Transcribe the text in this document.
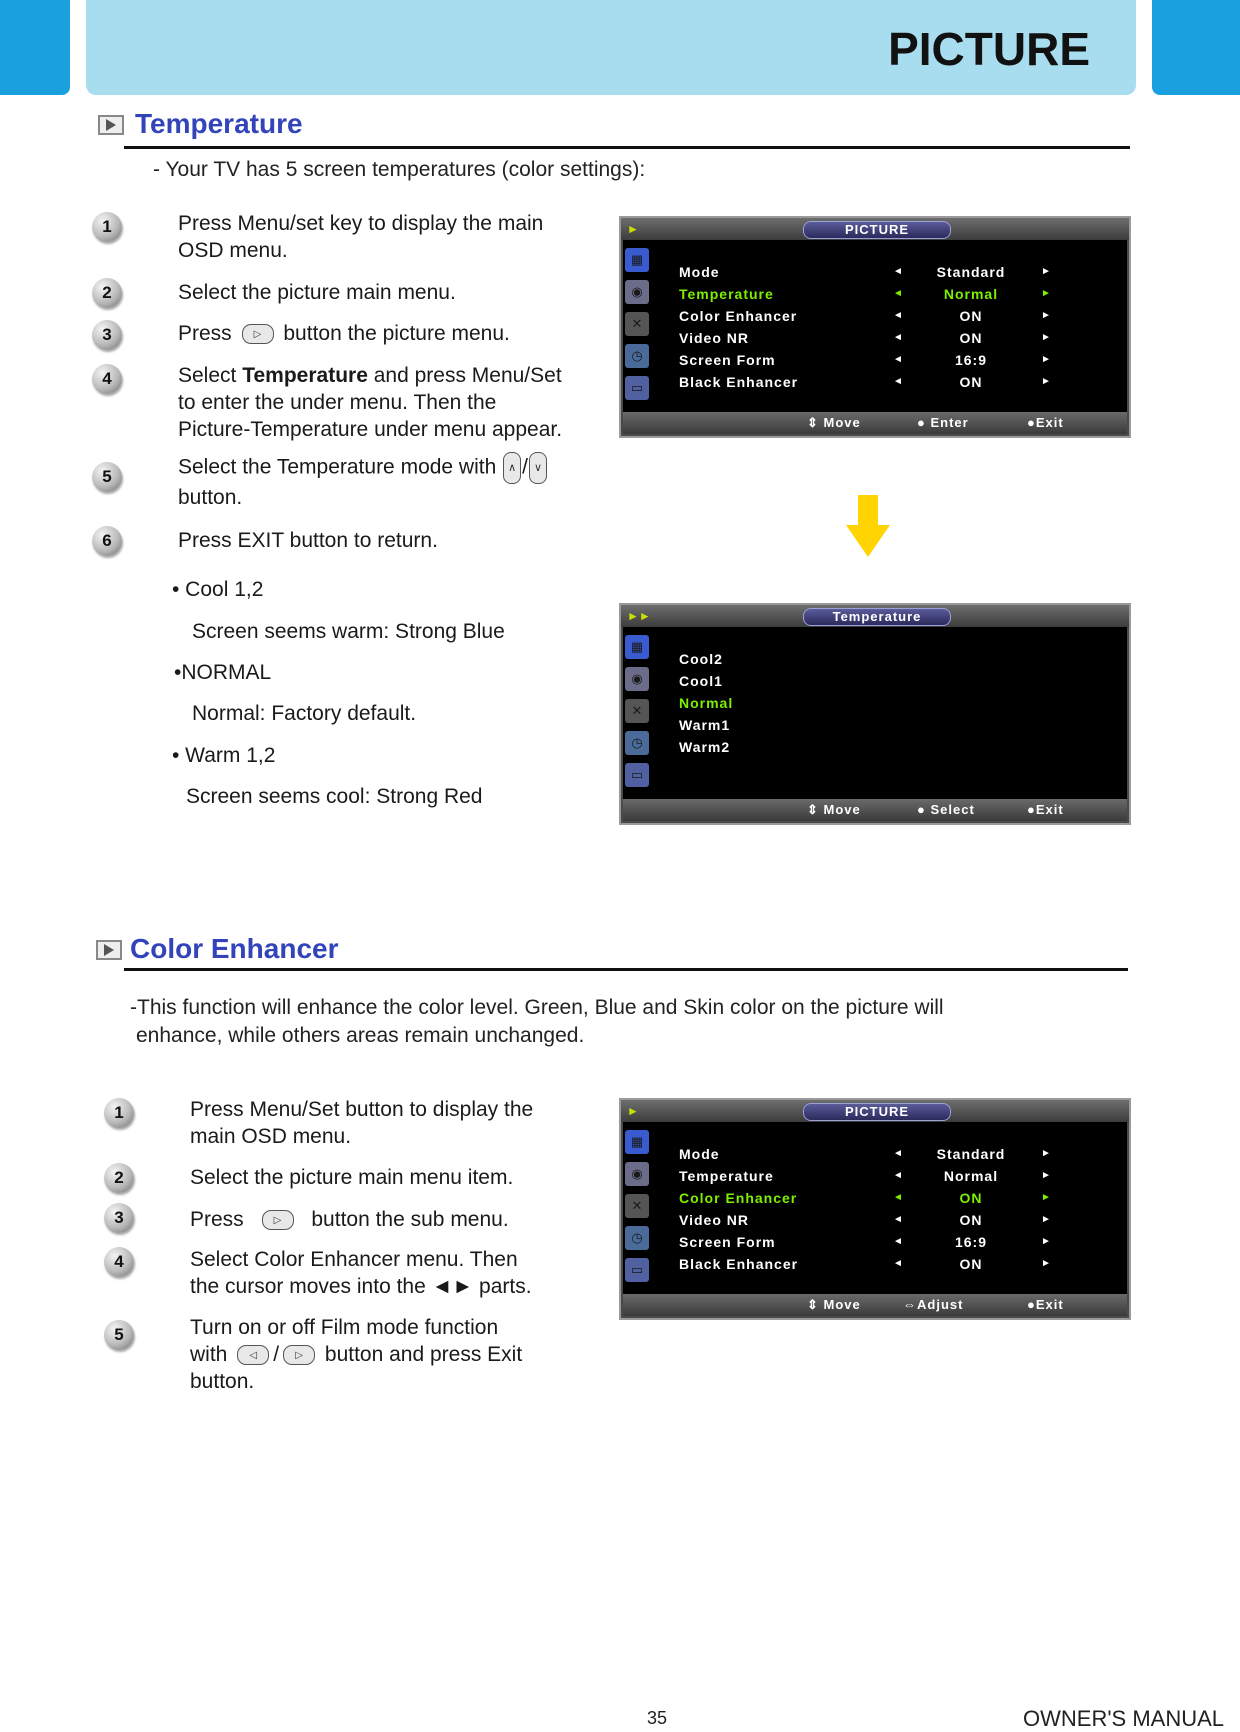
PICTURE
Temperature
- Your TV has 5 screen temperatures (color settings):
1	Press Menu/set key to display the main
OSD menu.
2	Select the picture main menu.
3	Press ▷ button the picture menu.
4	Select Temperature and press Menu/Set
to enter the under menu. Then the
Picture-Temperature under menu appear.
5	Select the Temperature mode with ∧ / ∨
button.
6	Press EXIT button to return.
• Cool 1,2
Screen seems warm: Strong Blue
•NORMAL
Normal: Factory default.
• Warm 1,2
Screen seems cool: Strong Red
►	PICTURE
▦
◉
✕
◷
▭
Mode	◄	Standard	►
Temperature	◄	Normal	►
Color Enhancer	◄	ON	►
Video NR	◄	ON	►
Screen Form	◄	16:9	►
Black Enhancer	◄	ON	►
⇕ Move	● Enter	●Exit
►►	Temperature
▦
◉
✕
◷
▭
Cool2
Cool1
Normal
Warm1
Warm2
⇕ Move	● Select	●Exit
Color Enhancer
-This function will enhance the color level. Green, Blue and Skin color on the picture will
enhance, while others areas remain unchanged.
1	Press Menu/Set button to display the
main OSD menu.
2	Select the picture main menu item.
3	Press	▷ button the sub menu.
4	Select Color Enhancer menu. Then
the cursor moves into the ◄► parts.
5	Turn on or off Film mode function
with ◁ / ▷ button and press Exit
button.
►	PICTURE
▦
◉
✕
◷
▭
Mode	◄	Standard	►
Temperature	◄	Normal	►
Color Enhancer	◄	ON	►
Video NR	◄	ON	►
Screen Form	◄	16:9	►
Black Enhancer	◄	ON	►
⇕ Move	⇔Adjust	●Exit
35	OWNER'S MANUAL
